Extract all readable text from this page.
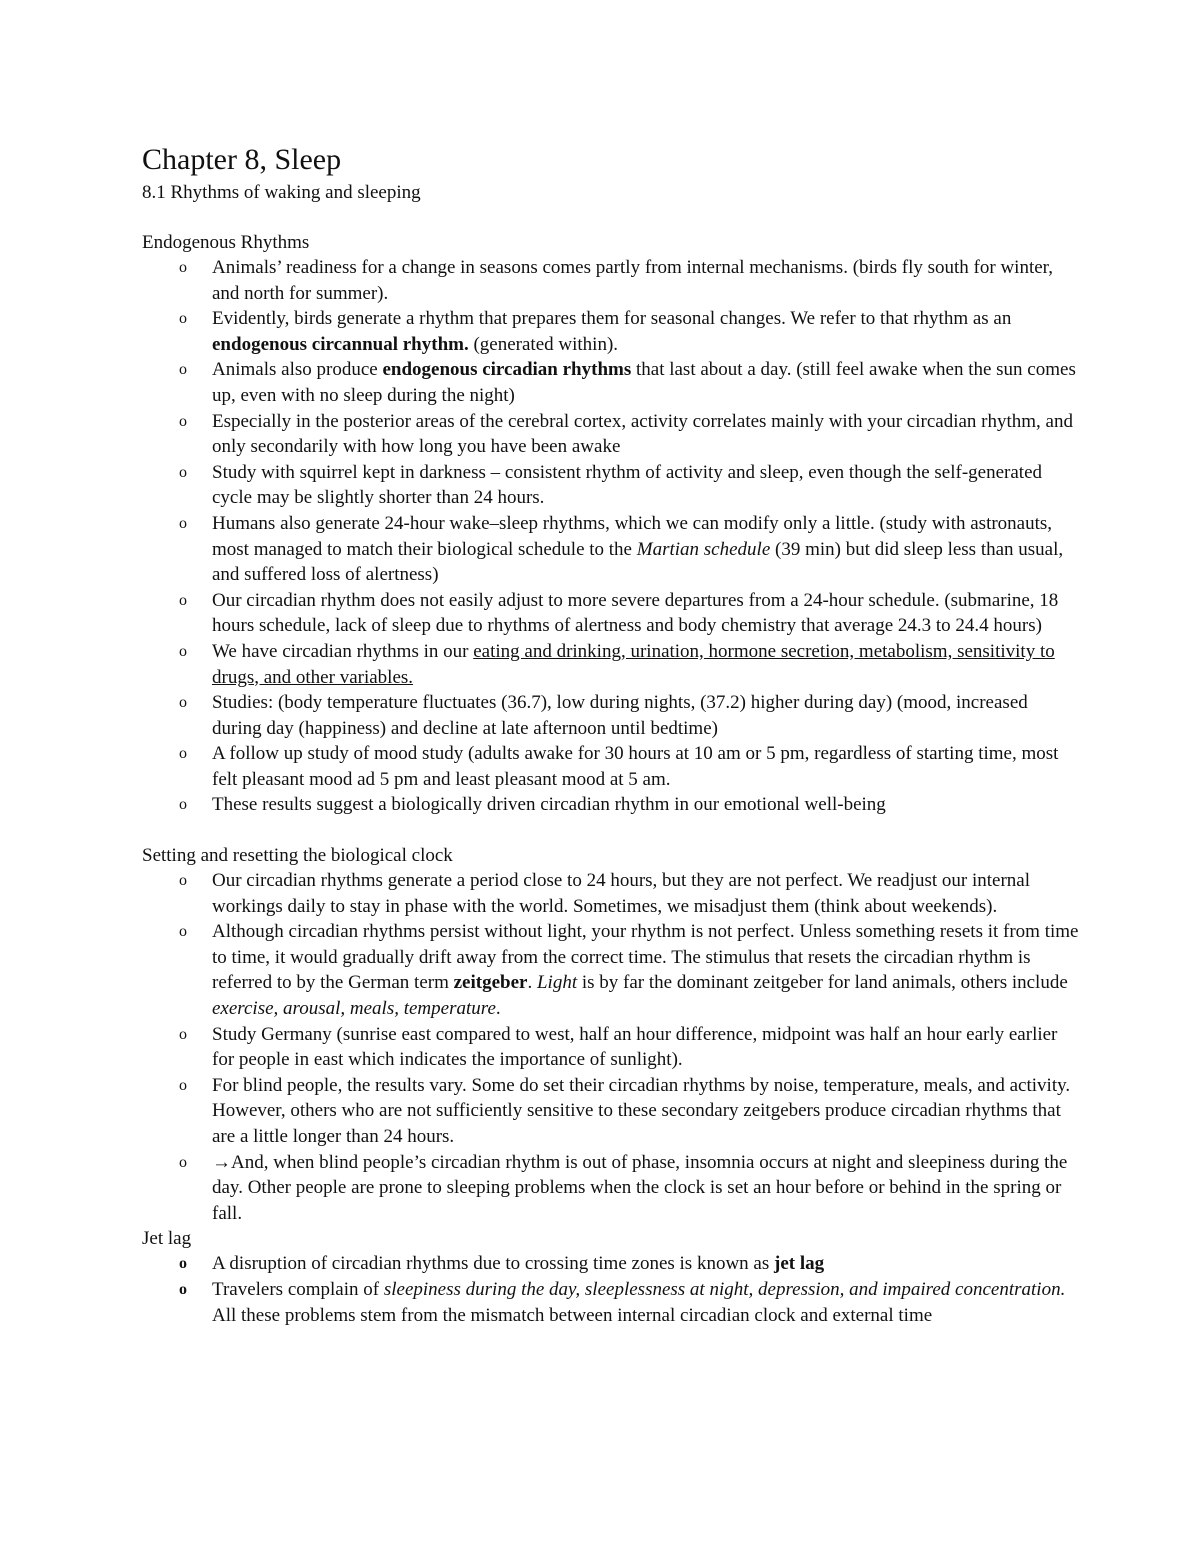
Chapter 8, Sleep
8.1 Rhythms of waking and sleeping
Endogenous Rhythms
o Animals’ readiness for a change in seasons comes partly from internal mechanisms. (birds fly south for winter, and north for summer).
o Evidently, birds generate a rhythm that prepares them for seasonal changes. We refer to that rhythm as an endogenous circannual rhythm. (generated within).
o Animals also produce endogenous circadian rhythms that last about a day. (still feel awake when the sun comes up, even with no sleep during the night)
o Especially in the posterior areas of the cerebral cortex, activity correlates mainly with your circadian rhythm, and only secondarily with how long you have been awake
o Study with squirrel kept in darkness – consistent rhythm of activity and sleep, even though the self-generated cycle may be slightly shorter than 24 hours.
o Humans also generate 24-hour wake–sleep rhythms, which we can modify only a little. (study with astronauts, most managed to match their biological schedule to the Martian schedule (39 min) but did sleep less than usual, and suffered loss of alertness)
o Our circadian rhythm does not easily adjust to more severe departures from a 24-hour schedule. (submarine, 18 hours schedule, lack of sleep due to rhythms of alertness and body chemistry that average 24.3 to 24.4 hours)
o We have circadian rhythms in our eating and drinking, urination, hormone secretion, metabolism, sensitivity to drugs, and other variables.
o Studies: (body temperature fluctuates (36.7), low during nights, (37.2) higher during day) (mood, increased during day (happiness) and decline at late afternoon until bedtime)
o A follow up study of mood study (adults awake for 30 hours at 10 am or 5 pm, regardless of starting time, most felt pleasant mood ad 5 pm and least pleasant mood at 5 am.
o These results suggest a biologically driven circadian rhythm in our emotional well-being
Setting and resetting the biological clock
o Our circadian rhythms generate a period close to 24 hours, but they are not perfect. We readjust our internal workings daily to stay in phase with the world. Sometimes, we misadjust them (think about weekends).
o Although circadian rhythms persist without light, your rhythm is not perfect. Unless something resets it from time to time, it would gradually drift away from the correct time. The stimulus that resets the circadian rhythm is referred to by the German term zeitgeber. Light is by far the dominant zeitgeber for land animals, others include exercise, arousal, meals, temperature.
o Study Germany (sunrise east compared to west, half an hour difference, midpoint was half an hour early earlier for people in east which indicates the importance of sunlight).
o For blind people, the results vary. Some do set their circadian rhythms by noise, temperature, meals, and activity. However, others who are not sufficiently sensitive to these secondary zeitgebers produce circadian rhythms that are a little longer than 24 hours.
o →And, when blind people’s circadian rhythm is out of phase, insomnia occurs at night and sleepiness during the day. Other people are prone to sleeping problems when the clock is set an hour before or behind in the spring or fall.
Jet lag
o A disruption of circadian rhythms due to crossing time zones is known as jet lag
o Travelers complain of sleepiness during the day, sleeplessness at night, depression, and impaired concentration. All these problems stem from the mismatch between internal circadian clock and external time
